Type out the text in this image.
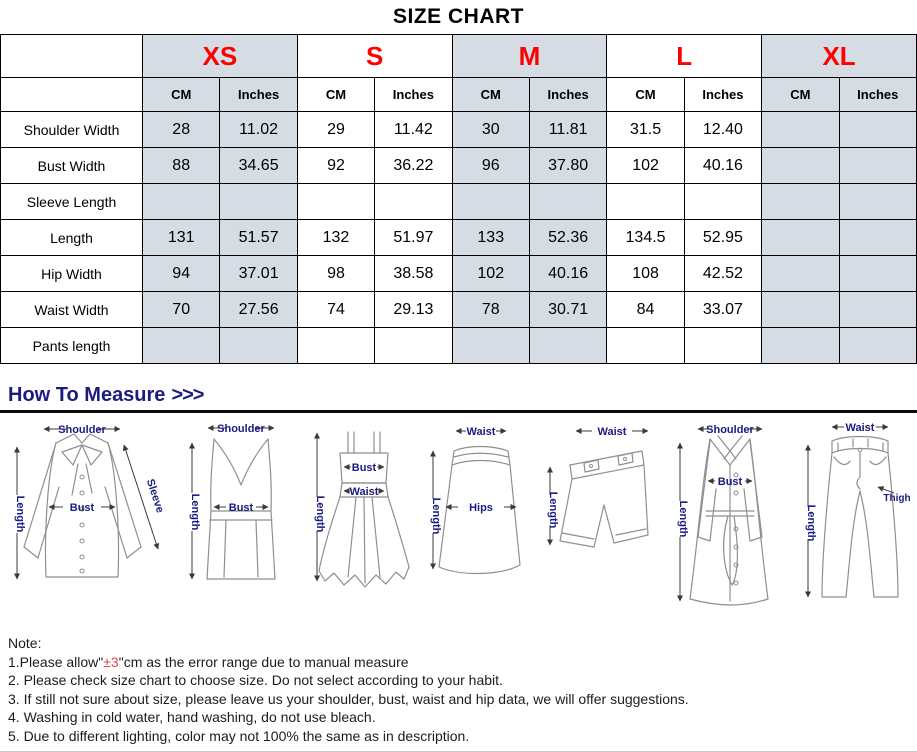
SIZE CHART
	XS		S		M		L		XL	
	CM	Inches	CM	Inches	CM	Inches	CM	Inches	CM	Inches
Shoulder Width	28	11.02	29	11.42	30	11.81	31.5	12.40		
Bust Width	88	34.65	92	36.22	96	37.80	102	40.16		
Sleeve Length										
Length	131	51.57	132	51.97	133	52.36	134.5	52.95		
Hip Width	94	37.01	98	38.58	102	40.16	108	42.52		
Waist Width	70	27.56	74	29.13	78	30.71	84	33.07		
Pants length										
How To Measure >>>
Shoulder
Length	Bust	Sleeve
Shoulder
Length	Bust
Bust
Waist
Length
Waist
Hips
Length
Waist
Length
Shoulder
Bust
Length
Waist
Length
Thigh
Note:
1.Please allow"±3"cm as the error range due to manual measure
2. Please check size chart to choose size. Do not select according to your habit.
3. If still not sure about size, please leave us your shoulder, bust, waist and hip data, we will offer suggestions.
4. Washing in cold water, hand washing, do not use bleach.
5. Due to different lighting, color may not 100% the same as in description.
